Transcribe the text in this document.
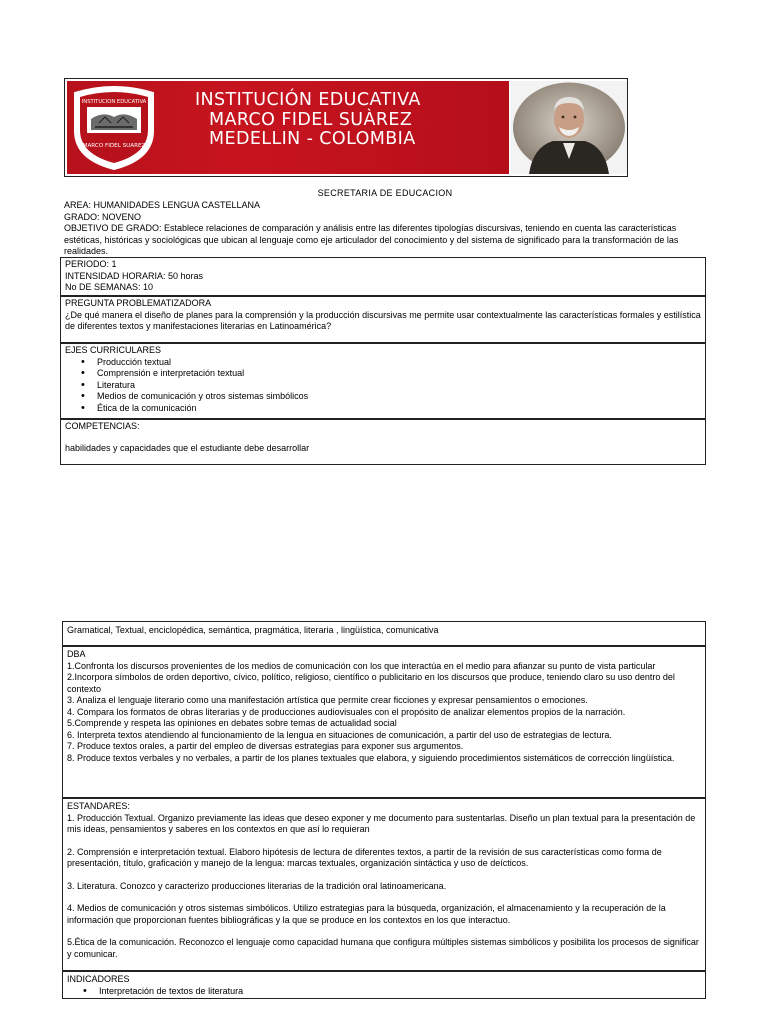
INSTITUCION EDUCATIVA
MARCO FIDEL SUAREZ
INSTITUCIÓN EDUCATIVA
MARCO FIDEL SUÀREZ
MEDELLIN - COLOMBIA
SECRETARIA DE EDUCACION
AREA: HUMANIDADES LENGUA CASTELLANA
GRADO: NOVENO
OBJETIVO DE GRADO: Establece relaciones de comparación y análisis entre las diferentes tipologías discursivas, teniendo en cuenta las características estéticas, históricas y sociológicas que ubican al lenguaje como eje articulador del conocimiento y del sistema de significado para la transformación de las realidades.
PERIODO: 1
INTENSIDAD HORARIA: 50 horas
No DE SEMANAS: 10
PREGUNTA PROBLEMATIZADORA
¿De qué manera el diseño de planes para la comprensión y la producción discursivas me permite usar contextualmente las características formales y estilística de diferentes textos y manifestaciones literarias en Latinoamérica?
EJES CURRICULARES
• Producción textual
• Comprensión e interpretación textual
• Literatura
• Medios de comunicación y otros sistemas simbólicos
• Ética de la comunicación
COMPETENCIAS:
habilidades y capacidades que el estudiante debe desarrollar
Gramatical, Textual, enciclopédica, semántica, pragmática, literaria , lingüística, comunicativa
DBA

1.Confronta los discursos provenientes de los medios de comunicación con los que interactúa en el medio para afianzar su punto de vista particular

2.Incorpora símbolos de orden deportivo, cívico, político, religioso, científico o publicitario en los discursos que produce, teniendo claro su uso dentro del contexto

3. Analiza el lenguaje literario como una manifestación artística que permite crear ficciones y expresar pensamientos o emociones.

4. Compara los formatos de obras literarias y de producciones audiovisuales con el propósito de analizar elementos propios de la narración.

5.Comprende y respeta las opiniones en debates sobre temas de actualidad social

6. Interpreta textos atendiendo al funcionamiento de la lengua en situaciones de comunicación, a partir del uso de estrategias de lectura.

7. Produce textos orales, a partir del empleo de diversas estrategias para exponer sus argumentos.

8. Produce textos verbales y no verbales, a partir de los planes textuales que elabora, y siguiendo procedimientos sistemáticos de corrección lingüística.

ESTANDARES:

1. Producción Textual. Organizo previamente las ideas que deseo exponer y me documento para sustentarlas. Diseño un plan textual para la presentación de mis ideas, pensamientos y saberes en los contextos en que así lo requieran

2. Comprensión e interpretación textual. Elaboro hipótesis de lectura de diferentes textos, a partir de la revisión de sus características como forma de presentación, título, graficación y manejo de la lengua: marcas textuales, organización sintáctica y uso de deícticos.

3. Literatura. Conozco y caracterizo producciones literarias de la tradición oral latinoamericana.

4. Medios de comunicación y otros sistemas simbólicos. Utilizo estrategias para la búsqueda, organización, el almacenamiento y la recuperación de la información que proporcionan fuentes bibliográficas y la que se produce en los contextos en los que interactuo.

5.Ética de la comunicación. Reconozco el lenguaje como capacidad humana que configura múltiples sistemas simbólicos y posibilita los procesos de significar y comunicar.

INDICADORES
• Interpretación de textos de literatura
